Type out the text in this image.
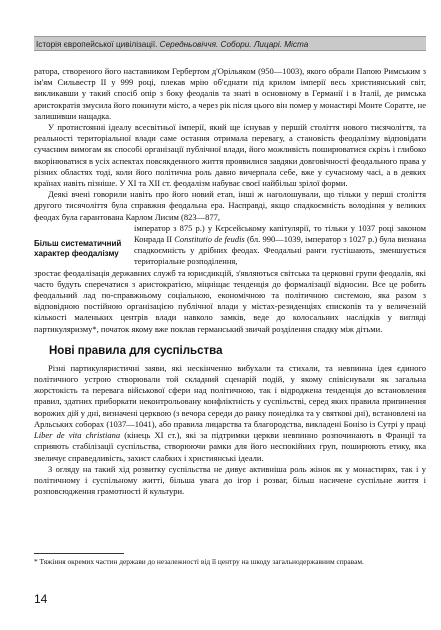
Історія європейської цивілізації. Середньовіччя. Собори. Лицарі. Міста

ратора, створеного його наставником Гербертом д'Орільяком (950—1003), якого обрали Папою Римським з ім'ям Сильвестр II у 999 році, плекав мрію об'єднати під крилом імперії весь християнський світ, викликавши у такий спосіб опір з боку феодалів та знаті в основному в Германії і в Італії, де римська аристократія змусила його покинути місто, а через рік після цього він помер у монастирі Монте Соратте, не залишивши нащадка.

У протистоянні ідеалу всесвітньої імперії, який ще існував у першій століття нового тисячоліття, та реальності територіальної влади саме остання отримала перевагу, а становість феодалізму відповідати сучасним вимогам як способі організації публічної влади, його можливість поширюватися скрізь і глибоко вкорінюватися в усіх аспектах повсякденного життя проявилися завдяки довговічності феодального права у різних областях тоді, коли його політична роль давно вичерпала себе, вже у сучасному часі, а в деяких країнах навіть пізніше. У XI та XII ст. феодалізм набуває своєї найбільш зрілої форми.

Деякі вчені говорили навіть про його новий етап, іншi ж наголошували, що тільки у перші століття другого тисячоліття була справжня феодальна ера. Насправді, якщо спадкоємність володіння у великих феодах була гарантована Карлом Лисим (823—877,

Більш систематичний характер феодалізму

імператор з 875 р.) у Кєрсейському капітулярії, то тільки у 1037 році законом Конрада II Constitutio de feudis (бл. 990—1039, імператор з 1027 р.) була визнана спадкоємність у дрібних феодах. Феодальні ранги густішають, зменшується територіальне розподілення,

зростає феодалізація державних служб та юрисдикцій, з'являються світська та церковні групи феодалів, які часто будуть сперечатися з аристократією, міцніщає тенденція до формалізації відносин. Все це робить феодальний лад по-справжньому соціальною, економічною та політичною системою, яка разом з відповідною постійною організацією публічної влади у містах-резиденціях єпископів та у величезній кількості маленьких центрів влади навколо замків, веде до колосальних наслідків у вигляді партикуляризму*, початок якому вже поклав германський звичай розділення спадку між дітьми.

Нові правила для суспільства

Різні партикуляристичні заяви, які нескінченно вибухали та стихали, та невпинна ідея єдиного політичного устрою створювали той складний сценарій подій, у якому співіснували як загальна жорстокість та перевага військової сфери над політичною, так і відроджена тенденція до встановлення правил, здатних приборкати неконтрольовану конфліктність у суспільстві, серед яких правила припинення ворожих дій у дні, визначені церквою (з вечора середи до ранку понеділка та у святкові дні), встановлені на Арльських соборах (1037—1041), або правила лицарства та благородства, викладені Бонізо із Сутрі у праці Liber de vita christiana (кінець XI ст.), які за підтримки церкви невпинно розпочинають в Франції та сприяють стабілізації суспільства, створюючи рамки для його неспокійних груп, поширюють етику, яка звеличує справедливість, захист слабких і християнські ідеали.

З огляду на такий хід розвитку суспільства не дивує активніша роль жінок як у монастирях, так і у політичному і суспільному житті, більша увага до ігор і розваг, більш насичене суспільне життя і розповсюдження грамотності й культури.

* Тяжіння окремих частин держави до незалежності від її центру на шкоду загальнодержавним справам.
14
